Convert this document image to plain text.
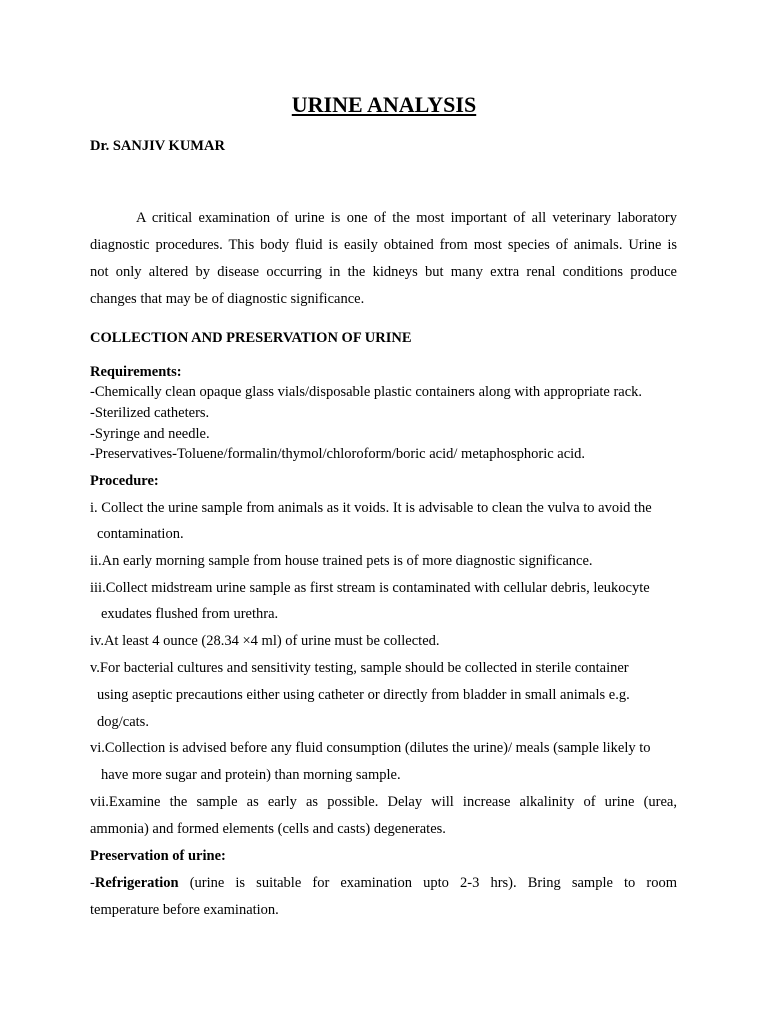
URINE ANALYSIS
Dr. SANJIV KUMAR
A critical examination of urine is one of the most important of all veterinary laboratory
diagnostic procedures. This body fluid is easily obtained from most species of animals. Urine is
not only altered by disease occurring in the kidneys but many extra renal conditions produce
changes that may be of diagnostic significance.
COLLECTION AND PRESERVATION OF URINE
Requirements:
-Chemically clean opaque glass vials/disposable plastic containers along with appropriate rack.
-Sterilized catheters.
-Syringe and needle.
-Preservatives-Toluene/formalin/thymol/chloroform/boric acid/ metaphosphoric acid.
Procedure:
i. Collect the urine sample from animals as it voids. It is advisable to clean the vulva to avoid the
contamination.
ii.An early morning sample from house trained pets is of more diagnostic significance.
iii.Collect midstream urine sample as first stream is contaminated with cellular debris, leukocyte
exudates flushed from urethra.
iv.At least 4 ounce (28.34 ×4 ml) of urine must be collected.
v.For bacterial cultures and sensitivity testing, sample should be collected in sterile container
using aseptic precautions either using catheter or directly from bladder in small animals e.g.
dog/cats.
vi.Collection is advised before any fluid consumption (dilutes the urine)/ meals (sample likely to
have more sugar and protein) than morning sample.
vii.Examine the sample as early as possible. Delay will increase alkalinity of urine (urea,
ammonia) and formed elements (cells and casts) degenerates.
Preservation of urine:
-Refrigeration (urine is suitable for examination upto 2-3 hrs). Bring sample to room
temperature before examination.
